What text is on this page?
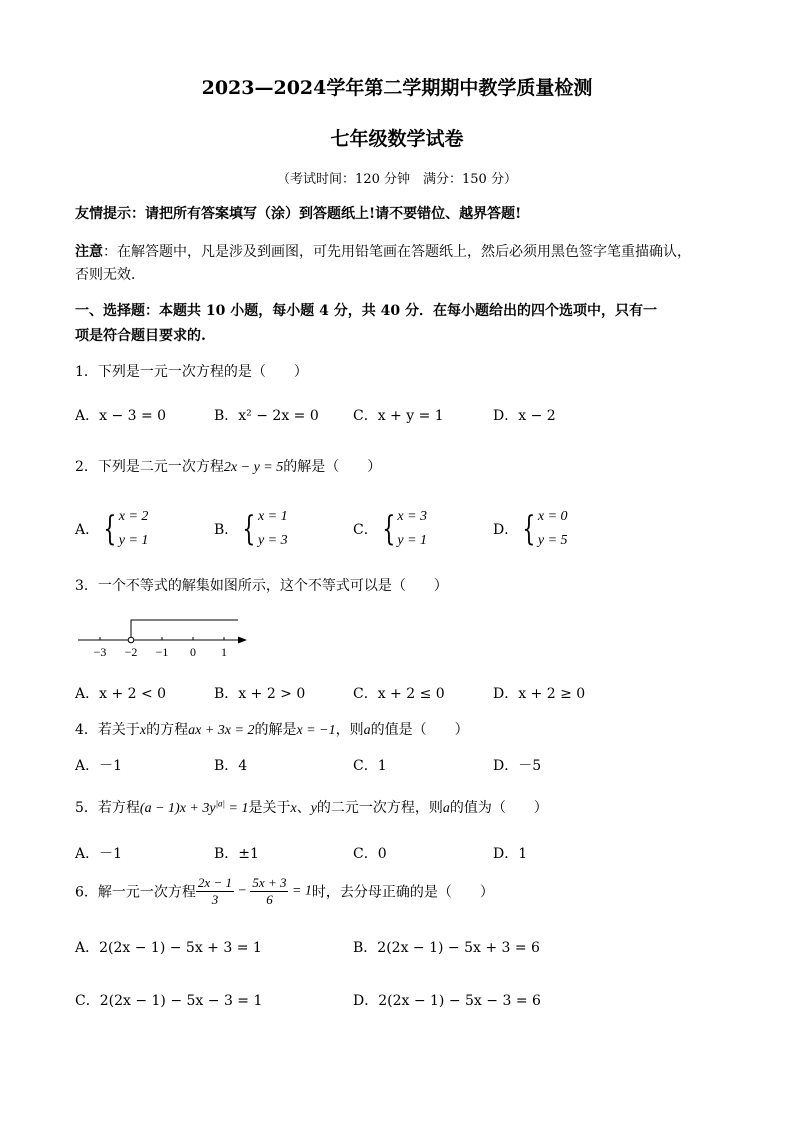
2023—2024学年第二学期期中教学质量检测
七年级数学试卷
（考试时间：120 分钟　满分：150 分）
友情提示：请把所有答案填写（涂）到答题纸上!请不要错位、越界答题!
注意：在解答题中，凡是涉及到画图，可先用铅笔画在答题纸上，然后必须用黑色签字笔重描确认，
否则无效．
一、选择题：本题共 10 小题，每小题 4 分，共 40 分．在每小题给出的四个选项中，只有一
项是符合题目要求的.
1．下列是一元一次方程的是（　　）
A．x − 3 = 0	B．x² − 2x = 0 C．x + y = 1	D．x − 2
2．下列是二元一次方程2x − y = 5的解是（　　）
A． { x = 2
y = 1
B． { x = 1
y = 3
C． { x = 3
y = 1
D． { x = 0
y = 5
3．一个不等式的解集如图所示，这个不等式可以是（　　）
−3 −2 −1 0 1
A．x + 2 < 0	B．x + 2 > 0	C．x + 2 ≤ 0	D．x + 2 ≥ 0
4．若关于x的方程ax + 3x = 2的解是x = −1，则a的值是（　　）
A．－1	B．4	C．1	D．－5
5．若方程$(a - 1)x + 3y^{|a|} = 1$是关于x、y的二元一次方程，则a的值为（　　）
A．－1	B．±1	C．0	D．1
6．解一元一次方程 $\frac{2x - 1}{3} - \frac{5x + 3}{6} = 1$时，去分母正确的是（　　）
A．2(2x − 1) − 5x + 3 = 1	B．2(2x − 1) − 5x + 3 = 6
C．2(2x − 1) − 5x − 3 = 1	D．2(2x − 1) − 5x − 3 = 6
